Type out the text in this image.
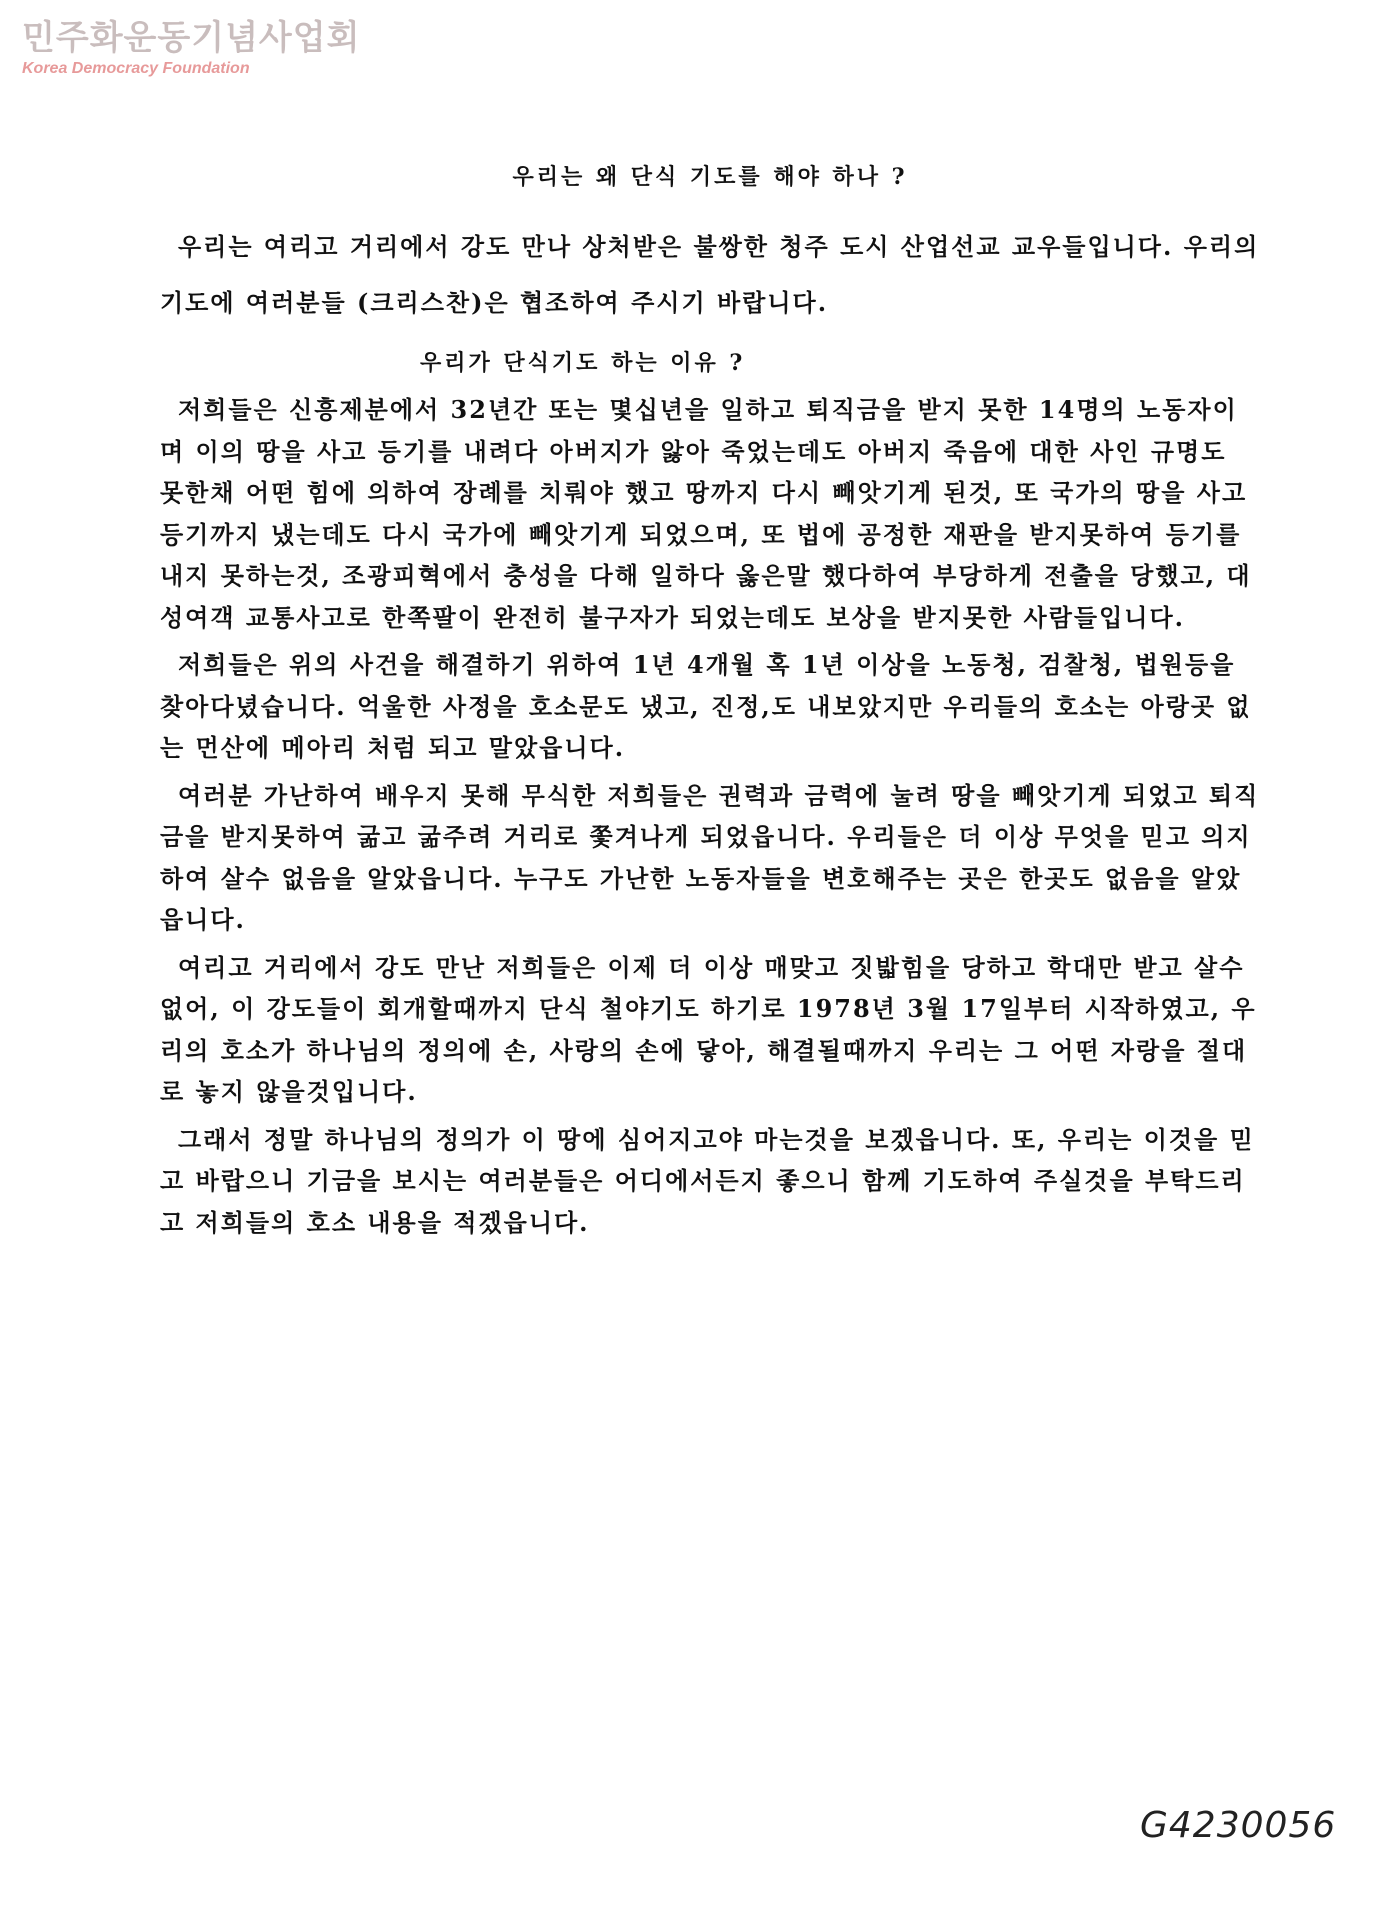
민주화운동기념사업회
Korea Democracy Foundation
우리는 왜 단식 기도를 해야 하나 ?
우리는 여리고 거리에서 강도 만나 상처받은 불쌍한 청주 도시 산업선교 교우들입니다. 우리의 기도에 여러분들 (크리스찬)은 협조하여 주시기 바랍니다.
우리가 단식기도 하는 이유 ?
저희들은 신흥제분에서 32년간 또는 몇십년을 일하고 퇴직금을 받지 못한 14명의 노동자이며 이의 땅을 사고 등기를 내려다 아버지가 앓아 죽었는데도 아버지 죽음에 대한 사인 규명도 못한채 어떤 힘에 의하여 장례를 치뤄야 했고 땅까지 다시 빼앗기게 된것, 또 국가의 땅을 사고 등기까지 냈는데도 다시 국가에 빼앗기게 되었으며, 또 법에 공정한 재판을 받지못하여 등기를 내지 못하는것, 조광피혁에서 충성을 다해 일하다 옳은말 했다하여 부당하게 전출을 당했고, 대성여객 교통사고로 한쪽팔이 완전히 불구자가 되었는데도 보상을 받지못한 사람들입니다.
저희들은 위의 사건을 해결하기 위하여 1년 4개월 혹 1년 이상을 노동청, 검찰청, 법원등을 찾아다녔습니다. 억울한 사정을 호소문도 냈고, 진정,도 내보았지만 우리들의 호소는 아랑곳 없는 먼산에 메아리 처럼 되고 말았읍니다.
여러분 가난하여 배우지 못해 무식한 저희들은 권력과 금력에 눌려 땅을 빼앗기게 되었고 퇴직금을 받지못하여 굶고 굶주려 거리로 쫓겨나게 되었읍니다. 우리들은 더 이상 무엇을 믿고 의지하여 살수 없음을 알았읍니다. 누구도 가난한 노동자들을 변호해주는 곳은 한곳도 없음을 알았읍니다.
여리고 거리에서 강도 만난 저희들은 이제 더 이상 매맞고 짓밟힘을 당하고 학대만 받고 살수없어, 이 강도들이 회개할때까지 단식 철야기도 하기로 1978년 3월 17일부터 시작하였고, 우리의 호소가 하나님의 정의에 손, 사랑의 손에 닿아, 해결될때까지 우리는 그 어떤 자랑을 절대로 놓지 않을것입니다.
그래서 정말 하나님의 정의가 이 땅에 심어지고야 마는것을 보겠읍니다. 또, 우리는 이것을 믿고 바랍으니 기금을 보시는 여러분들은 어디에서든지 좋으니 함께 기도하여 주실것을 부탁드리고 저희들의 호소 내용을 적겠읍니다.
G4230056
